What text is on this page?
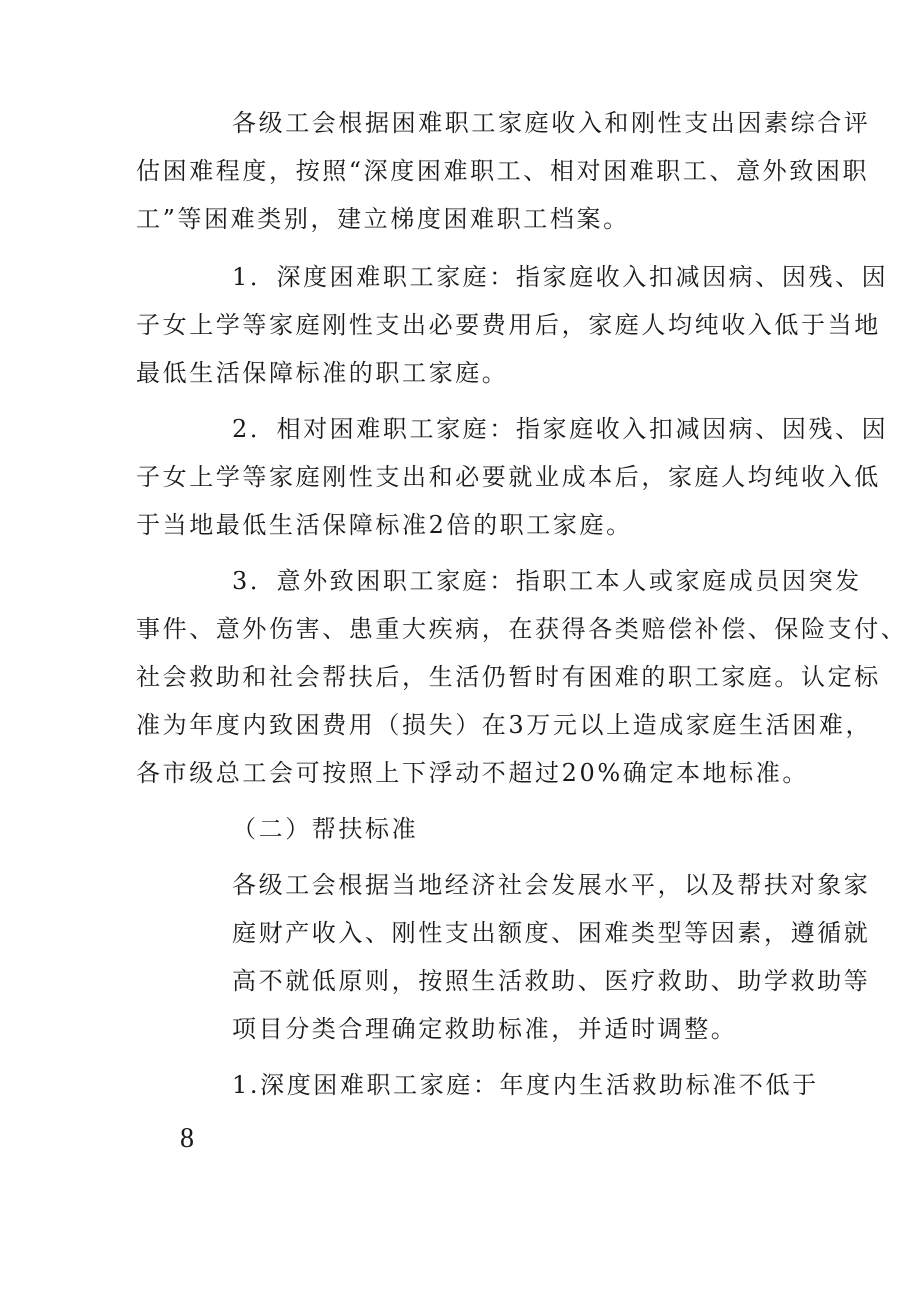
各级工会根据困难职工家庭收入和刚性支出因素综合评
估困难程度，按照“深度困难职工、相对困难职工、意外致困职
工”等困难类别，建立梯度困难职工档案。
1．深度困难职工家庭：指家庭收入扣减因病、因残、因
子女上学等家庭刚性支出必要费用后，家庭人均纯收入低于当地
最低生活保障标准的职工家庭。
2．相对困难职工家庭：指家庭收入扣减因病、因残、因
子女上学等家庭刚性支出和必要就业成本后，家庭人均纯收入低
于当地最低生活保障标准2倍的职工家庭。
3．意外致困职工家庭：指职工本人或家庭成员因突发
事件、意外伤害、患重大疾病，在获得各类赔偿补偿、保险支付、
社会救助和社会帮扶后，生活仍暂时有困难的职工家庭。认定标
准为年度内致困费用（损失）在3万元以上造成家庭生活困难，
各市级总工会可按照上下浮动不超过20%确定本地标准。
（二）帮扶标准
各级工会根据当地经济社会发展水平，以及帮扶对象家
庭财产收入、刚性支出额度、困难类型等因素，遵循就
高不就低原则，按照生活救助、医疗救助、助学救助等
项目分类合理确定救助标准，并适时调整。
1.深度困难职工家庭：年度内生活救助标准不低于
8
